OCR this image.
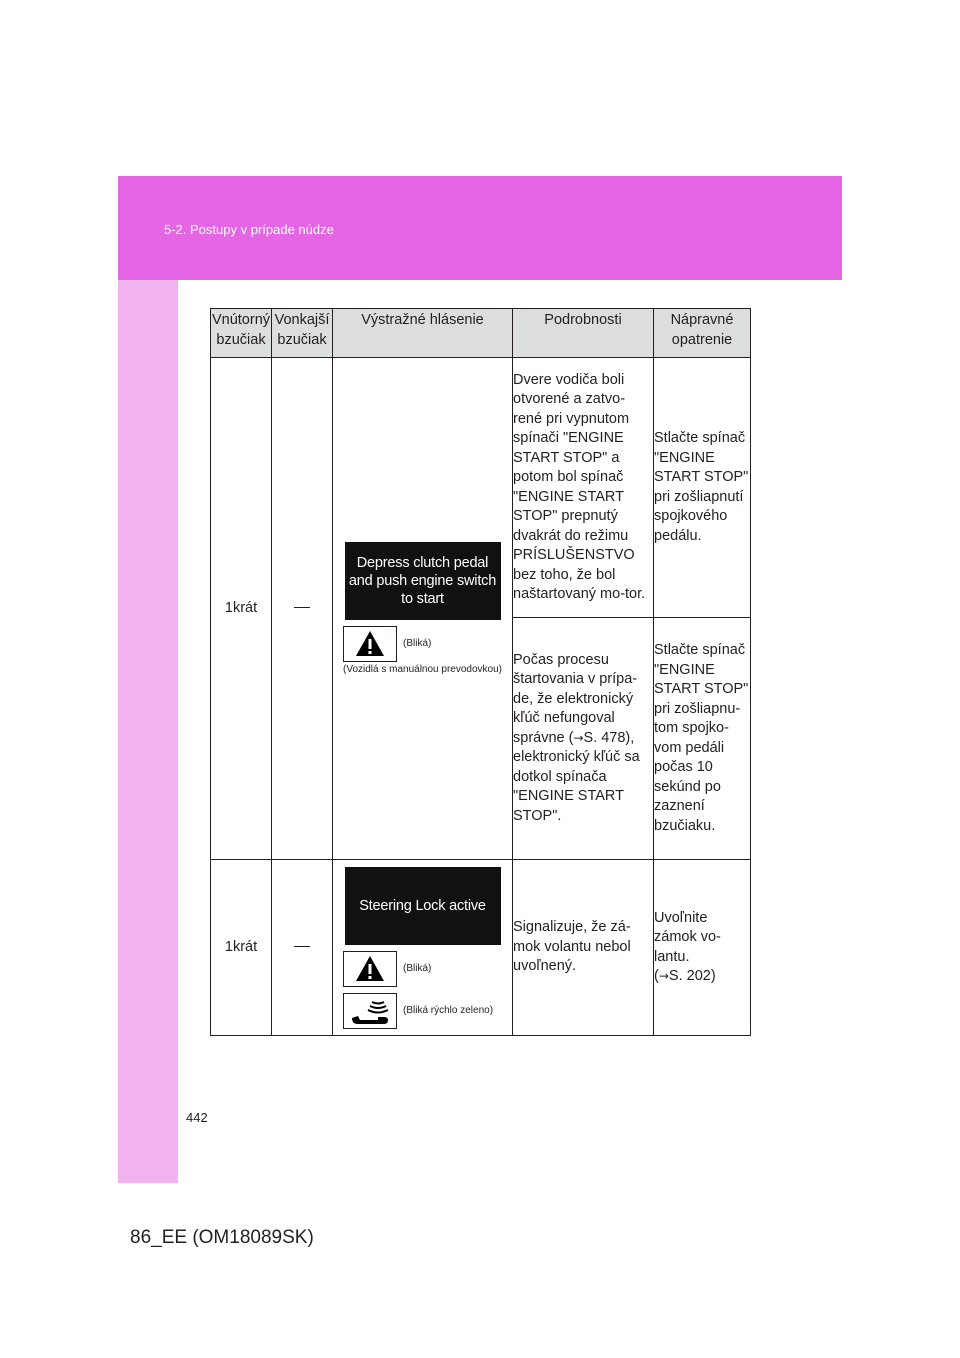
5-2. Postupy v prípade núdze
Vnútorný bzučiak	Vonkajší bzučiak	Výstražné hlásenie	Podrobnosti	Nápravné opatrenie
1krát		Depress clutch pedal and push engine switch to start
(Bliká)
(Vozidlá s manuálnou prevodovkou)	Dvere vodiča boli otvorené a zatvo-rené pri vypnutom spínači "ENGINE START STOP" a potom bol spínač "ENGINE START STOP" prepnutý dvakrát do režimu PRÍSLUŠENSTVO bez toho, že bol naštartovaný mo-tor.	Stlačte spínač "ENGINE START STOP" pri zošliapnutí spojkového pedálu.
			Počas procesu štartovania v prípa-de, že elektronický kľúč nefungoval správne (→S. 478), elektronický kľúč sa dotkol spínača "ENGINE START STOP".	Stlačte spínač "ENGINE START STOP" pri zošliapnu-tom spojko-vom pedáli počas 10 sekúnd po zaznení bzučiaku.
1krát		Steering Lock active
(Bliká)
(Bliká rýchlo zeleno)	Signalizuje, že zá-mok volantu nebol uvoľnený.	Uvoľnite zámok vo-lantu.
(→S. 202)
442
86_EE (OM18089SK)
